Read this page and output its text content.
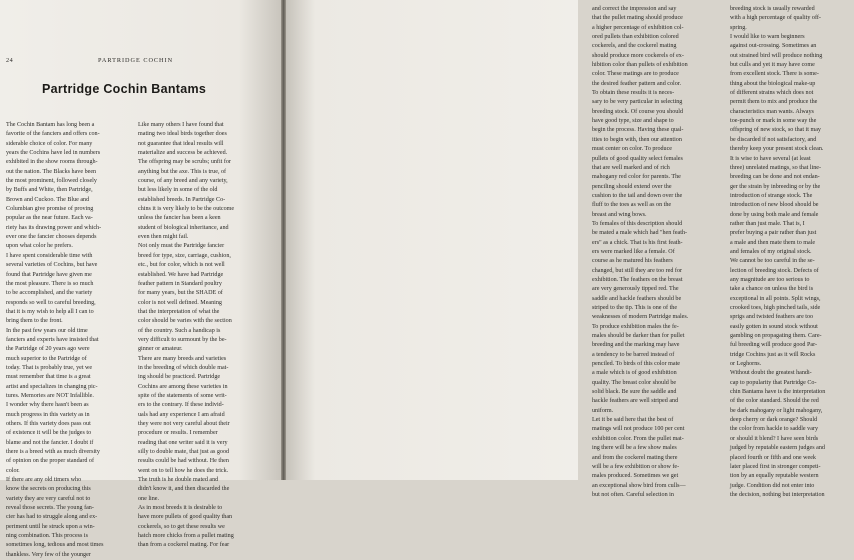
24	PARTRIDGE COCHIN
Partridge Cochin Bantams
The Cochin Bantam has long been a
favorite of the fanciers and offers con-
siderable choice of color. For many
years the Cochins have led in numbers
exhibited in the show rooms through-
out the nation. The Blacks have been
the most prominent, followed closely
by Buffs and White, then Partridge,
Brown and Cuckoo. The Blue and
Columbian give promise of proving
popular as the near future. Each va-
riety has its drawing power and which-
ever one the fancier chooses depends
upon what color he prefers.
I have spent considerable time with
several varieties of Cochins, but have
found that Partridge have given me
the most pleasure. There is so much
to be accomplished, and the variety
responds so well to careful breeding,
that it is my wish to help all I can to
bring them to the front.
In the past few years our old time
fanciers and experts have insisted that
the Partridge of 20 years ago were
much superior to the Partridge of
today. That is probably true, yet we
must remember that time is a great
artist and specializes in changing pic-
tures. Memories are NOT Infallible.
I wonder why there hasn't been as
much progress in this variety as in
others. If this variety does pass out
of existence it will be the judges to
blame and not the fancier. I doubt if
there is a breed with as much diversity
of opinion on the proper standard of
color.
If there are any old timers who
know the secrets on producing this
variety they are very careful not to
reveal those secrets. The young fan-
cier has had to struggle along and ex-
periment until he struck upon a win-
ning combination. This process is
sometimes long, tedious and most times
thankless. Very few of the younger
Like many others I have found that
mating two ideal birds together does
not guarantee that ideal results will
materialize and success be achieved.
The offspring may be scrubs; unfit for
anything but the axe. This is true, of
course, of any breed and any variety,
but less likely in some of the old
established breeds. In Partridge Co-
chins it is very likely to be the outcome
unless the fancier has been a keen
student of biological inheritance, and
even then might fail.
Not only must the Partridge fancier
breed for type, size, carriage, cushion,
etc., but for color, which is not well
established. We have had Partridge
feather pattern in Standard poultry
for many years, but the SHADE of
color is not well defined. Meaning
that the interpretation of what the
color should be varies with the section
of the country. Such a handicap is
very difficult to surmount by the be-
ginner or amateur.
There are many breeds and varieties
in the breeding of which double mat-
ing should be practiced. Partridge
Cochins are among these varieties in
spite of the statements of some writ-
ers to the contrary. If these individ-
uals had any experience I am afraid
they were not very careful about their
procedure or results. I remember
reading that one writer said it is very
silly to double mate, that just as good
results could be had without. He then
went on to tell how he does the trick.
The truth is he double mated and
didn't know it, and then discarded the
one line.
As in most breeds it is desirable to
have more pullets of good quality than
cockerels, so to get these results we
hatch more chicks from a pullet mating
than from a cockerel mating. For fear
and correct the impression and say
that the pullet mating should produce
a higher percentage of exhibition col-
ored pullets than exhibition colored
cockerels, and the cockerel mating
should produce more cockerels of ex-
hibition color than pullets of exhibition
color. These matings are to produce
the desired feather pattern and color.
To obtain these results it is neces-
sary to be very particular in selecting
breeding stock. Of course you should
have good type, size and shape to
begin the process. Having these qual-
ities to begin with, then our attention
must center on color. To produce
pullets of good quality select females
that are well marked and of rich
mahogany red color for parents. The
penciling should extend over the
cushion to the tail and down over the
fluff to the toes as well as on the
breast and wing bows.
To females of this description should
be mated a male which had "hen feath-
ers" as a chick. That is his first feath-
ers were marked like a female. Of
course as he matured his feathers
changed, but still they are too red for
exhibition. The feathers on the breast
are very generously tipped red. The
saddle and hackle feathers should be
striped to the tip. This is one of the
weaknesses of modern Partridge males.
To produce exhibition males the fe-
males should be darker than for pullet
breeding and the marking may have
a tendency to be barred instead of
penciled. To birds of this color mate
a male which is of good exhibition
quality. The breast color should be
solid black. Be sure the saddle and
hackle feathers are well striped and
uniform.
Let it be said here that the best of
matings will not produce 100 per cent
exhibition color. From the pullet mat-
ing there will be a few show males
and from the cockerel mating there
will be a few exhibition or show fe-
males produced. Sometimes we get
an exceptional show bird from culls—
but not often. Careful selection in
breeding stock is usually rewarded
with a high percentage of quality off-
spring.
I would like to warn beginners
against out-crossing. Sometimes an
out strained bird will produce nothing
but culls and yet it may have come
from excellent stock. There is some-
thing about the biological make-up
of different strains which does not
permit them to mix and produce the
characteristics man wants. Always
toe-punch or mark in some way the
offspring of new stock, so that it may
be discarded if not satisfactory, and
thereby keep your present stock clean.
It is wise to have several (at least
three) unrelated matings, so that line-
breeding can be done and not endan-
ger the strain by inbreeding or by the
introduction of strange stock. The
introduction of new blood should be
done by using both male and female
rather than just male. That is, I
prefer buying a pair rather than just
a male and then mate them to male
and females of my original stock.
We cannot be too careful in the se-
lection of breeding stock. Defects of
any magnitude are too serious to
take a chance on unless the bird is
exceptional in all points. Split wings,
crooked toes, high pinched tails, side
sprigs and twisted feathers are too
easily gotten in sound stock without
gambling on propagating them. Care-
ful breeding will produce good Par-
tridge Cochins just as it will Rocks
or Leghorns.
Without doubt the greatest handi-
cap to popularity that Partridge Co-
chin Bantams have is the interpretation
of the color standard. Should the red
be dark mahogany or light mahogany,
deep cherry or dark orange? Should
the color from hackle to saddle vary
or should it blend? I have seen birds
judged by reputable eastern judges and
placed fourth or fifth and one week
later placed first in stronger competi-
tion by an equally reputable western
judge. Condition did not enter into
the decision, nothing but interpretation
